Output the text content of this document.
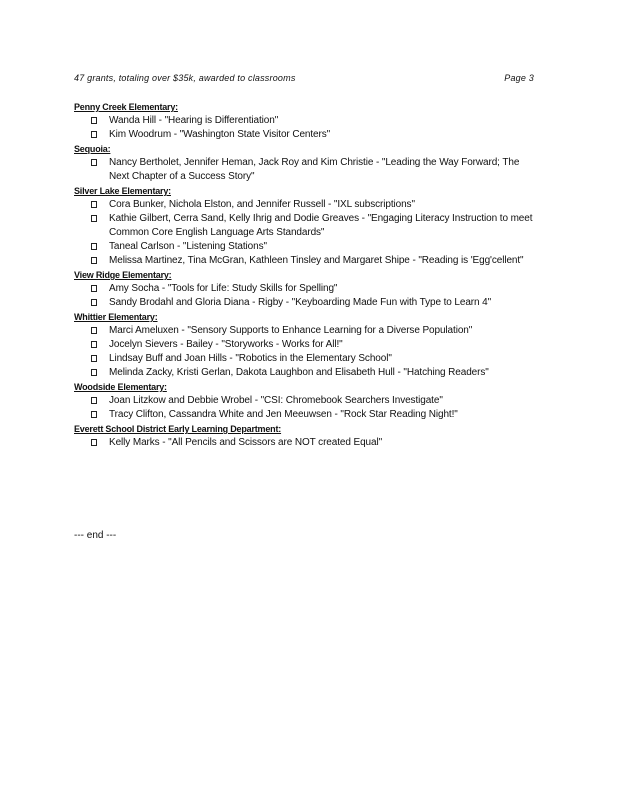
47 grants, totaling over $35k, awarded to classrooms	Page 3
Penny Creek Elementary:
Wanda Hill - "Hearing is Differentiation"
Kim Woodrum - "Washington State Visitor Centers"
Sequoia:
Nancy Bertholet, Jennifer Heman, Jack Roy and Kim Christie - "Leading the Way Forward; The Next Chapter of a Success Story"
Silver Lake Elementary:
Cora Bunker, Nichola Elston, and Jennifer Russell - "IXL subscriptions"
Kathie Gilbert, Cerra Sand, Kelly Ihrig and Dodie Greaves - "Engaging Literacy Instruction to meet Common Core English Language Arts Standards"
Taneal Carlson - "Listening Stations"
Melissa Martinez, Tina McGran, Kathleen Tinsley and Margaret Shipe - "Reading is 'Egg'cellent"
View Ridge Elementary:
Amy Socha - "Tools for Life: Study Skills for Spelling"
Sandy Brodahl and Gloria Diana - Rigby - "Keyboarding Made Fun with Type to Learn 4"
Whittier Elementary:
Marci Ameluxen - "Sensory Supports to Enhance Learning for a Diverse Population"
Jocelyn Sievers - Bailey - "Storyworks - Works for All!"
Lindsay Buff and Joan Hills - "Robotics in the Elementary School"
Melinda Zacky, Kristi Gerlan, Dakota Laughbon and Elisabeth Hull - "Hatching Readers"
Woodside Elementary:
Joan Litzkow and Debbie Wrobel - "CSI: Chromebook Searchers Investigate"
Tracy Clifton, Cassandra White and Jen Meeuwsen - "Rock Star Reading Night!"
Everett School District Early Learning Department:
Kelly Marks - "All Pencils and Scissors are NOT created Equal"
--- end ---
